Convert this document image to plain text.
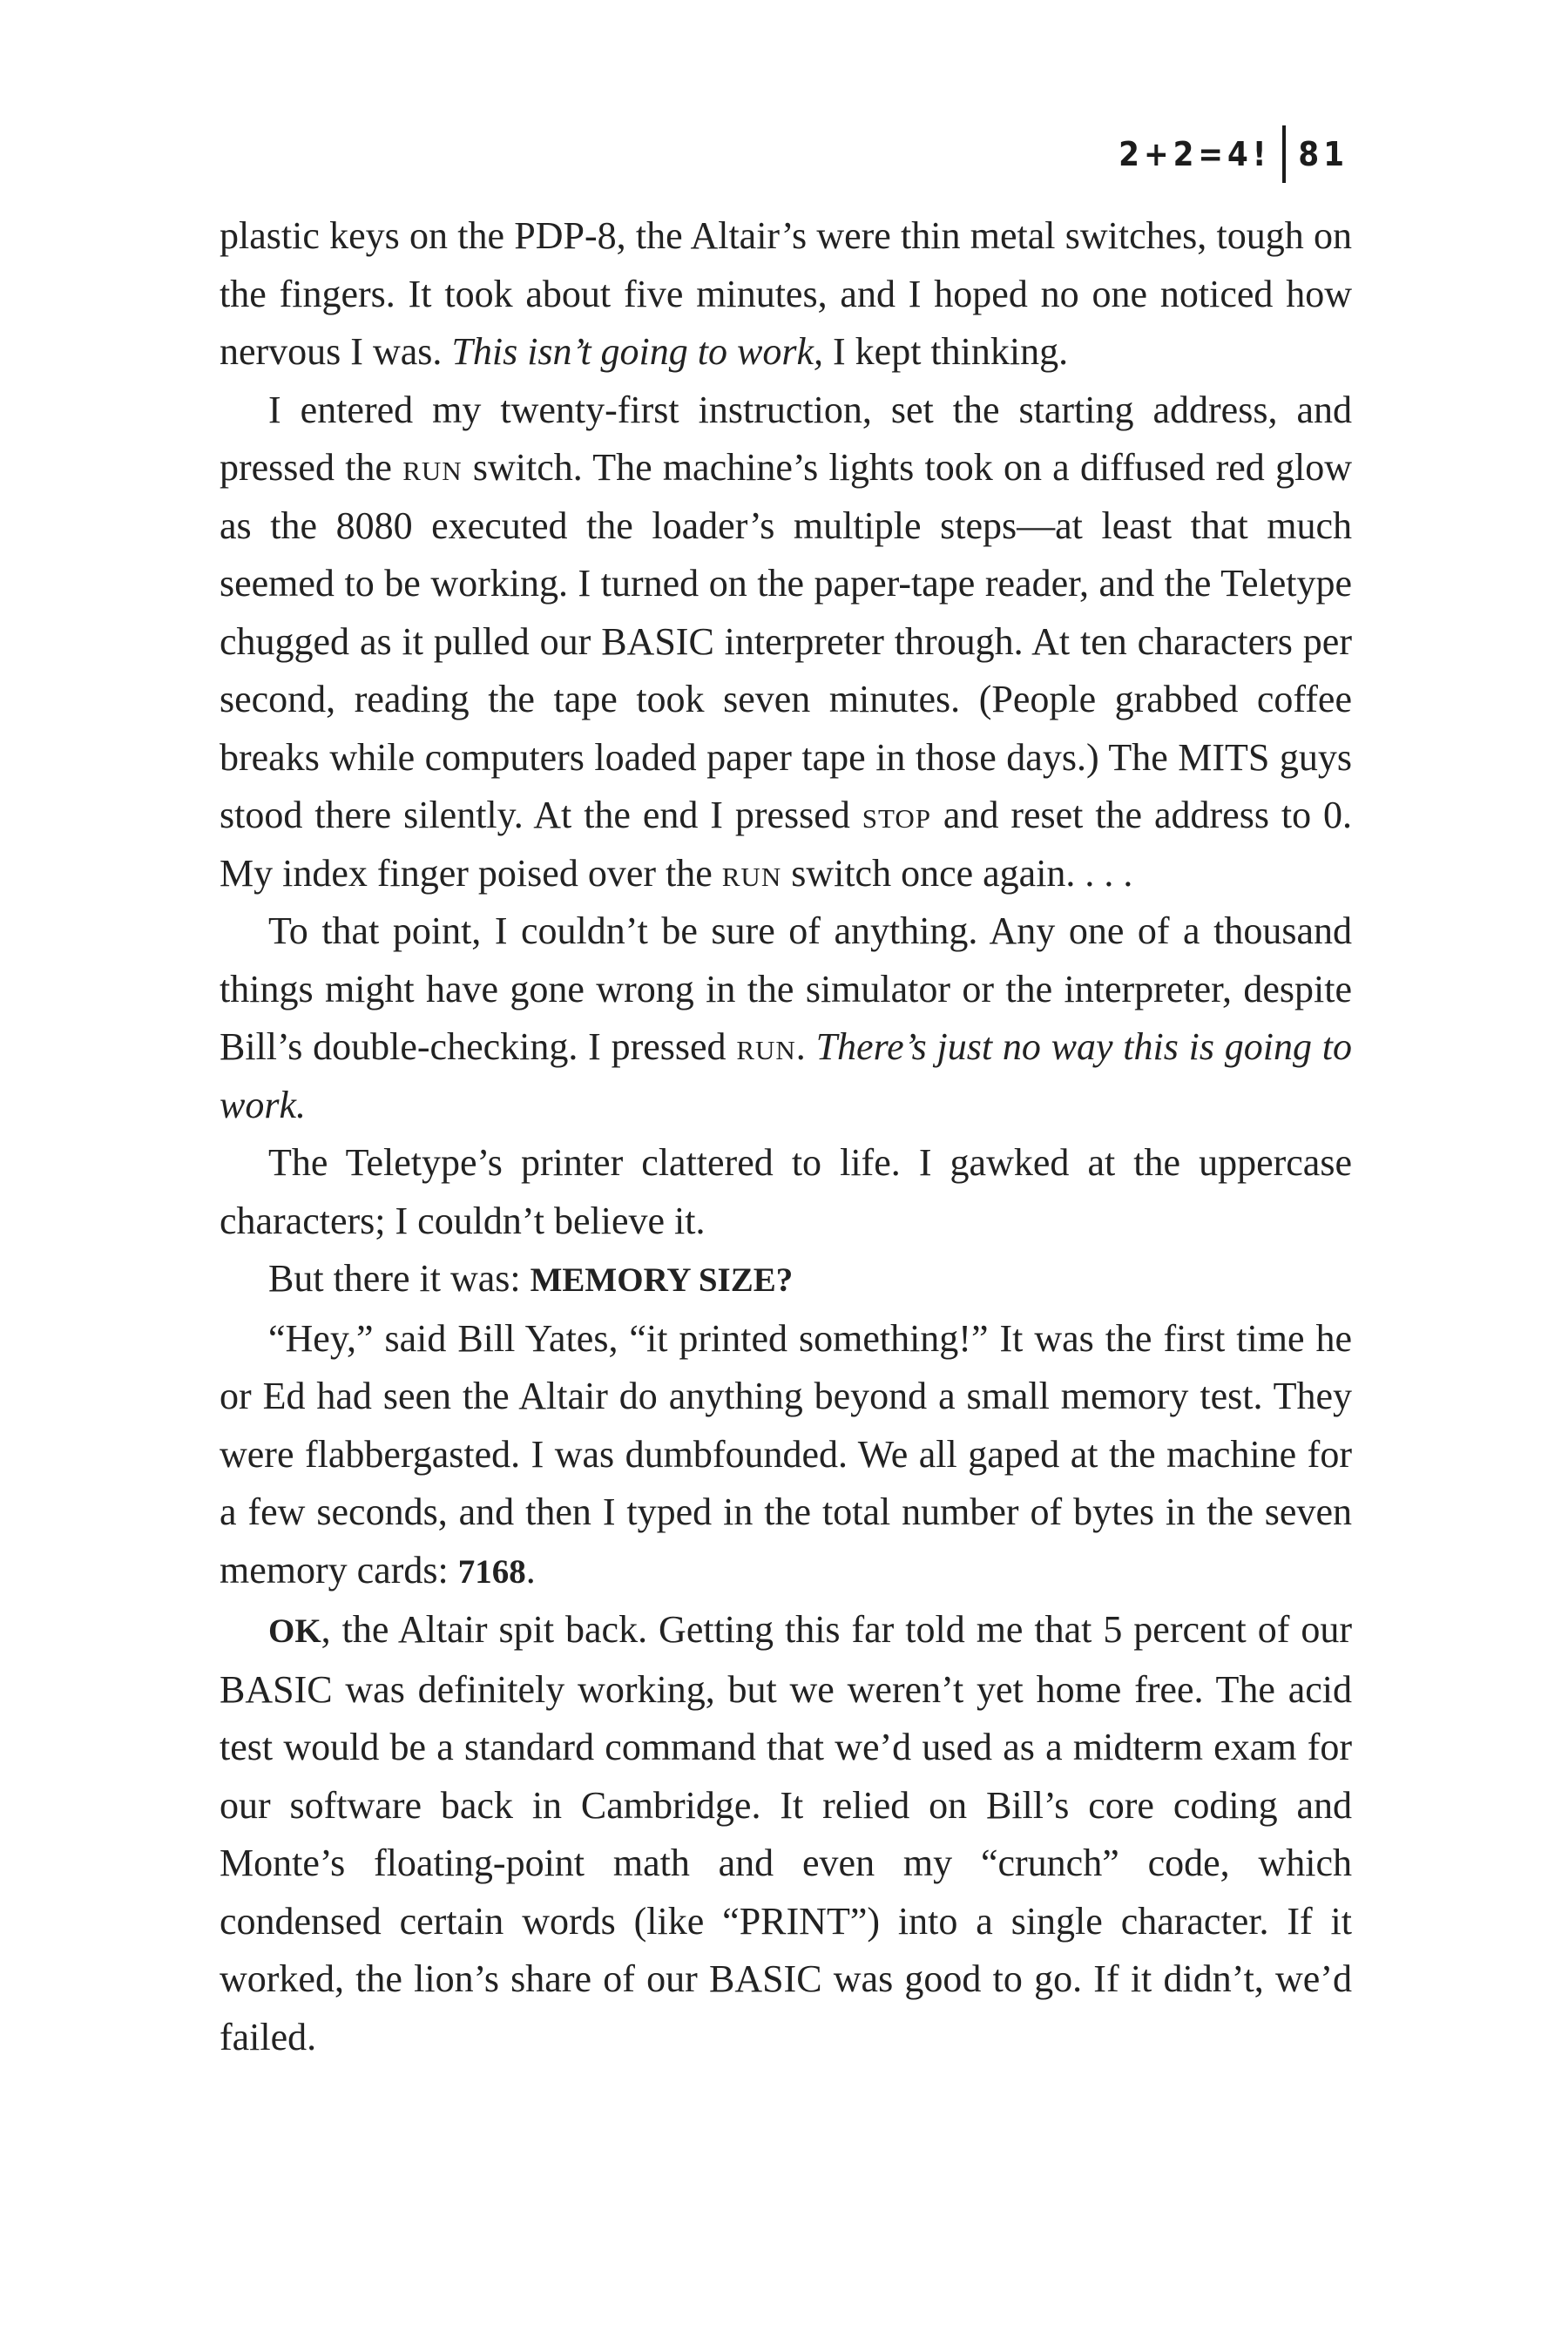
2+2=4! 81

plastic keys on the PDP-8, the Altair’s were thin metal switches, tough on the fingers. It took about five minutes, and I hoped no one noticed how nervous I was. This isn’t going to work, I kept thinking.

I entered my twenty-first instruction, set the starting address, and pressed the run switch. The machine’s lights took on a diffused red glow as the 8080 executed the loader’s multiple steps—at least that much seemed to be working. I turned on the paper-tape reader, and the Teletype chugged as it pulled our BASIC interpreter through. At ten characters per second, reading the tape took seven minutes. (People grabbed coffee breaks while computers loaded paper tape in those days.) The MITS guys stood there silently. At the end I pressed stop and reset the address to 0. My index finger poised over the run switch once again. . . .

To that point, I couldn’t be sure of anything. Any one of a thousand things might have gone wrong in the simulator or the interpreter, despite Bill’s double-checking. I pressed run. There’s just no way this is going to work.

The Teletype’s printer clattered to life. I gawked at the uppercase characters; I couldn’t believe it.

But there it was: MEMORY SIZE?

“Hey,” said Bill Yates, “it printed something!” It was the first time he or Ed had seen the Altair do anything beyond a small memory test. They were flabbergasted. I was dumbfounded. We all gaped at the machine for a few seconds, and then I typed in the total number of bytes in the seven memory cards: 7168.

OK, the Altair spit back. Getting this far told me that 5 percent of our BASIC was definitely working, but we weren’t yet home free. The acid test would be a standard command that we’d used as a midterm exam for our software back in Cambridge. It relied on Bill’s core coding and Monte’s floating-point math and even my “crunch” code, which condensed certain words (like “PRINT”) into a single character. If it worked, the lion’s share of our BASIC was good to go. If it didn’t, we’d failed.
